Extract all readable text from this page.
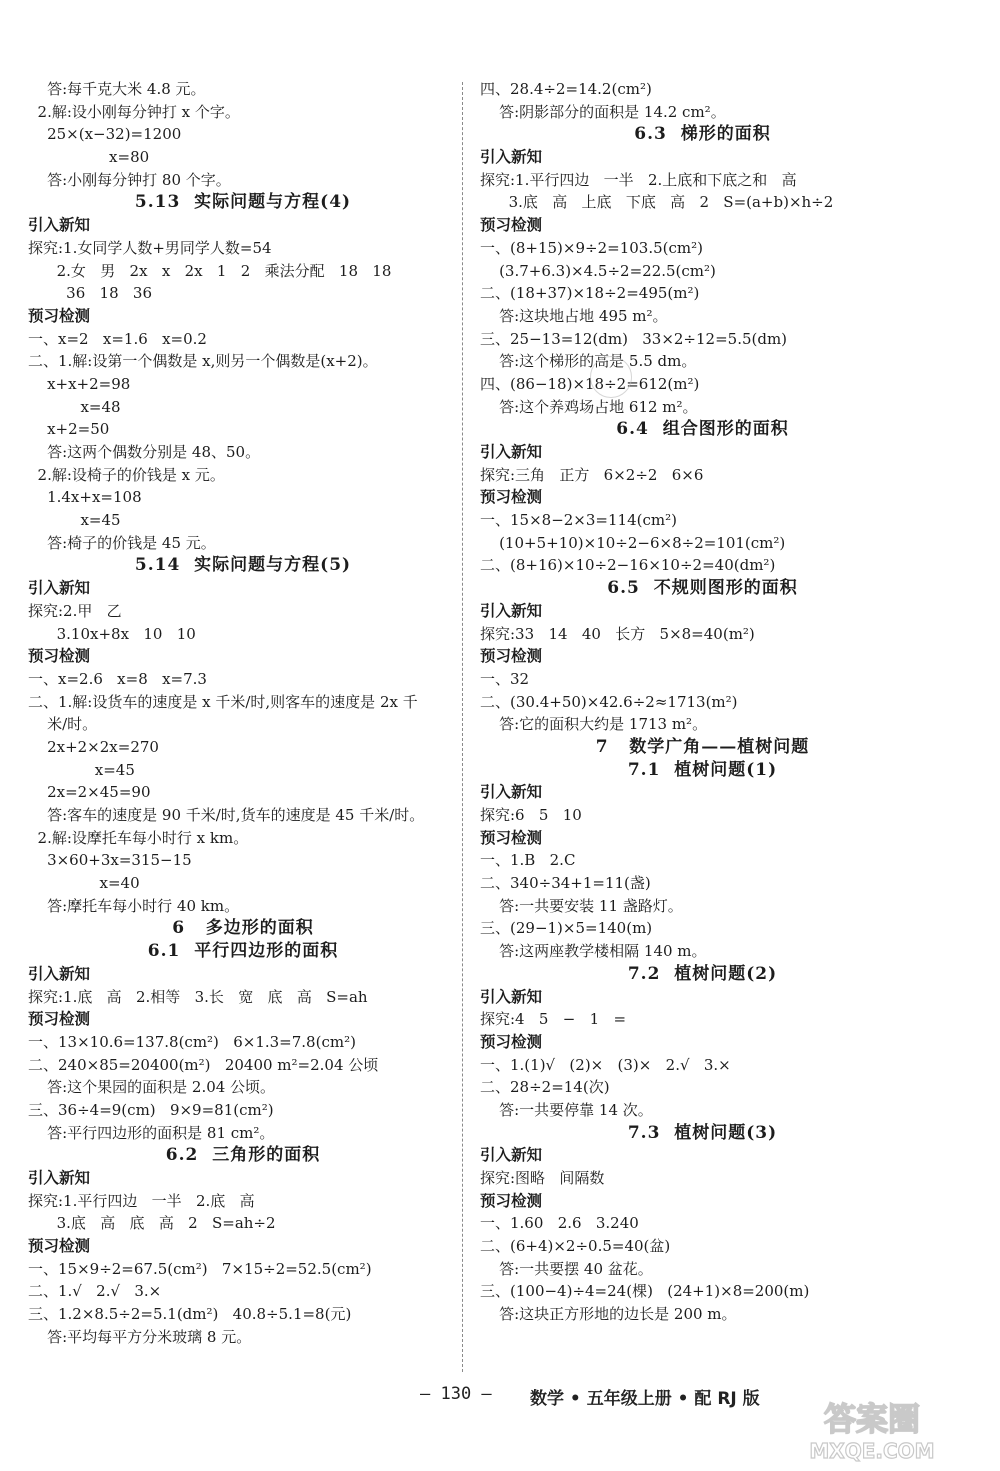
答:每千克大米 4.8 元。
2.解:设小刚每分钟打 x 个字。
25×(x−32)=1200
x=80
答:小刚每分钟打 80 个字。
5.13  实际问题与方程(4)
引入新知
探究:1.女同学人数+男同学人数=54
2.女   男   2x   x   2x   1   2   乘法分配   18   18
36   18   36
预习检测
一、x=2   x=1.6   x=0.2
二、1.解:设第一个偶数是 x,则另一个偶数是(x+2)。
x+x+2=98
x=48
x+2=50
答:这两个偶数分别是 48、50。
2.解:设椅子的价钱是 x 元。
1.4x+x=108
x=45
答:椅子的价钱是 45 元。
5.14  实际问题与方程(5)
引入新知
探究:2.甲   乙
3.10x+8x   10   10
预习检测
一、x=2.6   x=8   x=7.3
二、1.解:设货车的速度是 x 千米/时,则客车的速度是 2x 千
米/时。
2x+2×2x=270
x=45
2x=2×45=90
答:客车的速度是 90 千米/时,货车的速度是 45 千米/时。
2.解:设摩托车每小时行 x km。
3×60+3x=315−15
x=40
答:摩托车每小时行 40 km。
6   多边形的面积
6.1  平行四边形的面积
引入新知
探究:1.底   高   2.相等   3.长   宽   底   高   S=ah
预习检测
一、13×10.6=137.8(cm²)   6×1.3=7.8(cm²)
二、240×85=20400(m²)   20400 m²=2.04 公顷
答:这个果园的面积是 2.04 公顷。
三、36÷4=9(cm)   9×9=81(cm²)
答:平行四边形的面积是 81 cm²。
6.2  三角形的面积
引入新知
探究:1.平行四边   一半   2.底   高
3.底   高   底   高   2   S=ah÷2
预习检测
一、15×9÷2=67.5(cm²)   7×15÷2=52.5(cm²)
二、1.√   2.√   3.×
三、1.2×8.5÷2=5.1(dm²)   40.8÷5.1=8(元)
答:平均每平方分米玻璃 8 元。
四、28.4÷2=14.2(cm²)
答:阴影部分的面积是 14.2 cm²。
6.3  梯形的面积
引入新知
探究:1.平行四边   一半   2.上底和下底之和   高
3.底   高   上底   下底   高   2   S=(a+b)×h÷2
预习检测
一、(8+15)×9÷2=103.5(cm²)
(3.7+6.3)×4.5÷2=22.5(cm²)
二、(18+37)×18÷2=495(m²)
答:这块地占地 495 m²。
三、25−13=12(dm)   33×2÷12=5.5(dm)
答:这个梯形的高是 5.5 dm。
四、(86−18)×18÷2=612(m²)
答:这个养鸡场占地 612 m²。
6.4  组合图形的面积
引入新知
探究:三角   正方   6×2÷2   6×6
预习检测
一、15×8−2×3=114(cm²)
(10+5+10)×10÷2−6×8÷2=101(cm²)
二、(8+16)×10÷2−16×10÷2=40(dm²)
6.5  不规则图形的面积
引入新知
探究:33   14   40   长方   5×8=40(m²)
预习检测
一、32
二、(30.4+50)×42.6÷2≈1713(m²)
答:它的面积大约是 1713 m²。
7   数学广角——植树问题
7.1  植树问题(1)
引入新知
探究:6   5   10
预习检测
一、1.B   2.C
二、340÷34+1=11(盏)
答:一共要安装 11 盏路灯。
三、(29−1)×5=140(m)
答:这两座教学楼相隔 140 m。
7.2  植树问题(2)
引入新知
探究:4   5   −   1   =
预习检测
一、1.(1)√   (2)×   (3)×   2.√   3.×
二、28÷2=14(次)
答:一共要停靠 14 次。
7.3  植树问题(3)
引入新知
探究:图略   间隔数
预习检测
一、1.60   2.6   3.240
二、(6+4)×2÷0.5=40(盆)
答:一共要摆 40 盆花。
三、(100−4)÷4=24(棵)   (24+1)×8=200(m)
答:这块正方形地的边长是 200 m。
— 130 — 数学 • 五年级上册 • 配 RJ 版
答案圈
MXQE.COM
